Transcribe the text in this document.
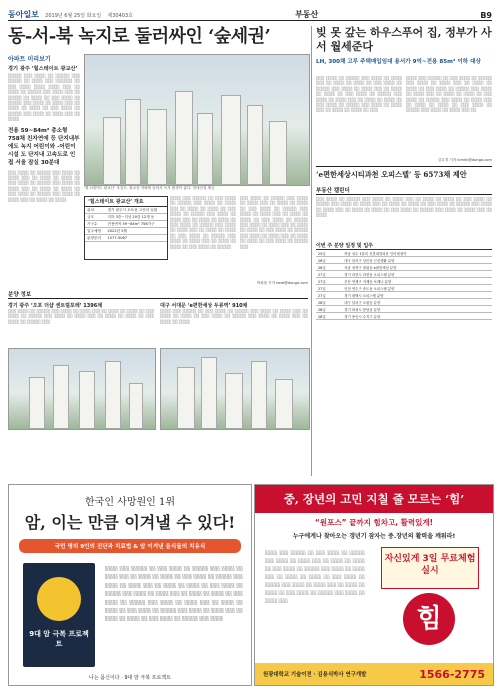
동아일보 2019년 6월 25일 화요일 제30403호	부동산	B9
동-서-북 녹지로 둘러싸인 ‘숲세권’
아파트 미리보기
경기 광주 ‘힐스테이트 광교산’
░░░░░ ░░░ ░░░░ ░░ ░░░░░ ░░░ ░░░░░ ░░ ░░░░ ░░░ ░░░░░░ ░░ ░░░ ░░░░ ░░░░ ░░░░ ░░░ ░░ ░░░░ ░░ ░░░░░ ░░░ ░░░░ ░░░ ░░ ░░░░░ ░░ ░░░░ ░░ ░░░ ░░░░ ░░ ░░░░░ ░░░ ░░░░ ░░ ░░░░ ░░░ ░░ ░░░░ ░░ ░░░░ ░░ ░░░ ░░░░ ░░ ░░░░░ ░░░ ░░░░ ░░ ░░░░ ░░░ ░░ ░░░░
전용 59~84m² 총소형 758채 친자연에 등 단지내부에도 녹지 어린이와 -어린이시설 도 단지내 고속도로 인접 서울 잠실 30분대
░░░ ░░░░ ░░ ░░░░░ ░░░ ░░░░ ░░ ░░░░ ░░░ ░░ ░░░░ ░░ ░░░░ ░░ ░░░ ░░░░ ░░ ░░░░░ ░░░ ░░░░ ░░ ░░░░ ░░░ ░░ ░░░░ ░░ ░░░░ ░░ ░░░ ░░░░ ░░ ░░░░░ ░░░ ░░░░ ░░ ░░░░ ░░░ ░░ ░░░░ ░░ ░░░░
‘힐스테이트 광교산’ 조감도. 광교산 자락에 들어서 녹지 환경이 좋다. 현대건설 제공
‘힐스테이트 광교산’ 개요
위치	경기 광주시 오포읍 고산리 일원
규모	지하 3층~지상 20층 12개 동
가구수	전용면적 59~84m² 758가구
입주예정	2022년 5월
분양문의	1577-5067
░░░░ ░░░ ░░░░░ ░░ ░░░ ░░░░ ░░ ░░░░░ ░░░ ░░░░ ░░ ░░░░ ░░░ ░░ ░░░░ ░░ ░░░░ ░░ ░░░ ░░░░ ░░ ░░░░░ ░░░ ░░░░ ░░ ░░░░ ░░░ ░░ ░░░░ ░░ ░░░░ ░░ ░░░ ░░░░ ░░ ░░░░░ ░░░ ░░░░ ░░ ░░░░ ░░░ ░░ ░░░░ ░░ ░░░░ ░░ ░░░ ░░░░ ░░ ░░░░░ ░░░ ░░░░ ░░ ░░░░ ░░░ ░░ ░░░░ ░░ ░░░░ ░░ ░░░ ░░░░ ░░ ░░░░░
░░░ ░░░░ ░░ ░░░░░ ░░░ ░░░░ ░░ ░░░░ ░░░ ░░ ░░░░ ░░ ░░░░ ░░ ░░░ ░░░░ ░░ ░░░░░ ░░░ ░░░░ ░░ ░░░░ ░░░ ░░ ░░░░ ░░ ░░░░ ░░ ░░░ ░░░░ ░░ ░░░░░ ░░░ ░░░░ ░░ ░░░░ ░░░ ░░ ░░░░ ░░ ░░░░ ░░ ░░░ ░░░░ ░░ ░░░░░ ░░░ ░░░░ ░░ ░░░░ ░░░ ░░ ░░░░ ░░ ░░░░ ░░ ░░░ ░░░░ ░░ ░░░░░ ░░░
박희창 기자 beat@donga.com
빚 못 갚는 하우스푸어 집, 정부가 사서 월세준다
LH, 300채 고루 주택매입임대 용서가 9억~전용 85m² 이하 대상
░░░ ░░░░ ░░ ░░░░░ ░░░ ░░░░ ░░ ░░░░ ░░░ ░░ ░░░░ ░░ ░░░░ ░░ ░░░ ░░░░ ░░ ░░░░░ ░░░ ░░░░ ░░ ░░░░ ░░░ ░░ ░░░░ ░░ ░░░░ ░░ ░░░ ░░░░ ░░ ░░░░░ ░░░ ░░░░ ░░ ░░░░ ░░░ ░░ ░░░░ ░░ ░░░░ ░░ ░░░ ░░░░ ░░ ░░░░░ ░░░ ░░░░ ░░ ░░░░ ░░░ ░░ ░░░░ ░░ ░░░░ ░░ ░░░
░░░░ ░░░ ░░░░░ ░░ ░░░ ░░░░ ░░ ░░░░░ ░░░ ░░░░ ░░ ░░░░ ░░░ ░░ ░░░░ ░░ ░░░░ ░░ ░░░ ░░░░ ░░ ░░░░░ ░░░ ░░░░ ░░ ░░░░ ░░░ ░░ ░░░░ ░░ ░░░░ ░░ ░░░ ░░░░ ░░ ░░░░░ ░░░ ░░░░ ░░ ░░░░ ░░░ ░░ ░░░░ ░░ ░░░░ ░░ ░░░ ░░░░ ░░ ░░░░░ ░░░ ░░░░ ░░ ░░░░ ░░░ ░░
김호경 기자 kimhk@donga.com
‘e편한세상시티과천 오피스텔’ 등 6573채 제안
부동산 캘린더
░░░ ░░░░ ░░ ░░░░░ ░░░ ░░░░ ░░ ░░░░ ░░░ ░░ ░░░░ ░░ ░░░░ ░░ ░░░ ░░░░ ░░ ░░░░░ ░░░ ░░░░ ░░ ░░░░ ░░░ ░░ ░░░░ ░░ ░░░░ ░░ ░░░ ░░░░ ░░ ░░░░░ ░░░ ░░░░ ░░ ░░░░ ░░░ ░░ ░░░░ ░░ ░░░░ ░░ ░░░ ░░░░ ░░ ░░░░░ ░░░ ░░░░ ░░ ░░░░ ░░░ ░░ ░░░░
이번 주 분양 일정 및 입주
25일	하남 성수 1블록 신혼희망타운 인터넷청약
26일	대구 달서구 상인동 근린생활 분양
26일	서울 성북구 장위동 e편한세상 분양
27일	경기 과천시 과천동 오피스텔 분양
27일	부산 연제구 거제동 포레나 분양
27일	인천 연수구 송도동 오피스텔 분양
27일	경기 평택시 오피스텔 분양
28일	대구 달서구 도원동 분양
28일	경기 화성시 봉담읍 분양
28일	경기 용인시 수지구 분양
분양 정보
경기 광주 ‘오포 더샵 센트럴포레’ 1396채
░░░ ░░░░ ░░ ░░░░░ ░░░ ░░░░ ░░ ░░░░ ░░░ ░░ ░░░░ ░░ ░░░░ ░░ ░░░ ░░░░ ░░ ░░░░░ ░░░ ░░░░ ░░ ░░░░ ░░░ ░░ ░░░░ ░░ ░░░░ ░░ ░░░ ░░░░ ░░ ░░░░░ ░░░
대구 서대문 ‘e편한세상 두류역’ 910채
░░░░ ░░░ ░░░░░ ░░ ░░░ ░░░░ ░░ ░░░░░ ░░░ ░░░░ ░░ ░░░░ ░░░ ░░ ░░░░ ░░ ░░░░ ░░ ░░░ ░░░░ ░░ ░░░░░ ░░░ ░░░░ ░░ ░░░░ ░░░ ░░ ░░░░ ░░ ░░░░
한국인 사망원인 1위
암, 이는 만큼 이겨낼 수 있다!
국민 명의 9인의 진단과 치료법 & 암 이겨낸 음식들의 치유식
9대 암 극복 프로젝트
░░░░ ░░░ ░░░░░ ░░ ░░░ ░░░░ ░░ ░░░░░ ░░░ ░░░░ ░░ ░░░░ ░░░ ░░ ░░░░ ░░ ░░░░ ░░ ░░░ ░░░░ ░░ ░░░░░ ░░░ ░░░░ ░░ ░░░░ ░░░ ░░ ░░░░ ░░ ░░░░ ░░ ░░░ ░░░░ ░░ ░░░░░ ░░░ ░░░░ ░░ ░░░░ ░░░ ░░ ░░░░ ░░ ░░░░ ░░ ░░░ ░░░░ ░░ ░░░░░ ░░░ ░░░░ ░░ ░░░░ ░░░ ░░ ░░░░ ░░ ░░░░ ░░ ░░░ ░░░░ ░░ ░░░░░ ░░░ ░░░░ ░░ ░░░░ ░░░ ░░ ░░░░ ░░ ░░░░ ░░ ░░░ ░░░░ ░░ ░░░░░ ░░░ ░░░░
나는 몸신이다 · 9대 암 극복 프로젝트
중, 장년의 고민 지칠 줄 모르는 ‘힘’
“원포스” 끝까지 힘차고, 활력있게!
누구에게나 찾아오는 갱년기 잠자는 중.장년의 활력을 깨워라!
░░░░ ░░░ ░░░░░ ░░ ░░░ ░░░░ ░░ ░░░░░ ░░░ ░░░░ ░░ ░░░░ ░░░ ░░ ░░░░ ░░ ░░░░ ░░ ░░░ ░░░░ ░░ ░░░░░ ░░░ ░░░░ ░░ ░░░░ ░░░ ░░ ░░░░ ░░ ░░░░ ░░ ░░░ ░░░░ ░░ ░░░░░ ░░░ ░░░░ ░░ ░░░░ ░░░ ░░ ░░░░ ░░ ░░░░ ░░ ░░░ ░░░░ ░░ ░░░░░ ░░░ ░░░░ ░░ ░░░░ ░░░
자신있게 3일 무료체험 실시
힘
원광대학교 기술이전 · 김용식박사 연구개발	1566-2775
